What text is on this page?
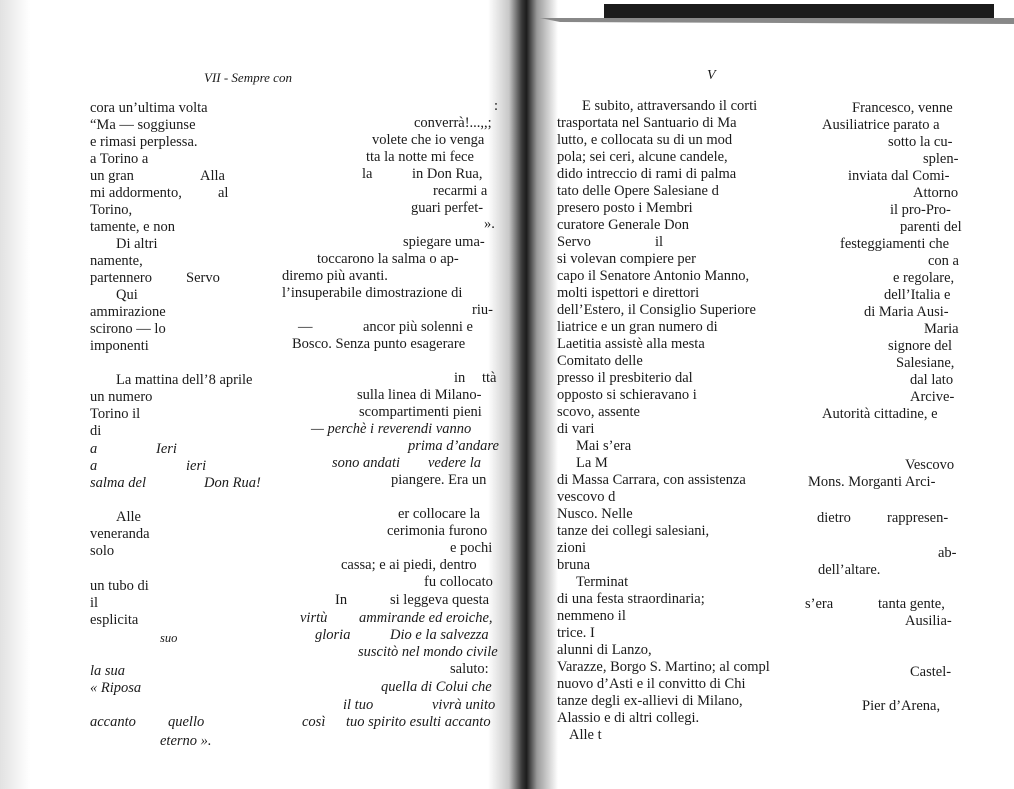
VII - Sempre con
cora un’ultima volta
“Ma — soggiunse
e rimasi perplessa.
a Torino a
un gran	Alla
mi addormento, al
Torino,
tamente, e non
Di altri
namente,
partennero Servo
Qui
ammirazione
scirono — lo
imponenti
La mattina dell’8 aprile
un numero
Torino il
di
a	Ieri
a	ieri
salma del	Don Rua!
Alle
veneranda
solo
un tubo di
il
esplicita
suo
la sua
« Riposa
accanto quello
eterno ».
:
converrà!...,,;
volete che io venga
tta la notte mi fece
la	in Don Rua,
recarmi a
guari perfet-
».
spiegare uma-
toccarono la salma o ap-
diremo più avanti.
l’insuperabile dimostrazione di
riu-
—	ancor più solenni e
Bosco. Senza punto esagerare
in ttà
sulla linea di Milano-
scompartimenti pieni
— perchè i reverendi vanno
prima d’andare
sono andati vedere la
piangere. Era un
er collocare la
cerimonia furono
e pochi
cassa; e ai piedi, dentro
fu collocato
In	si leggeva questa
virtù ammirande ed eroiche,
gloria	Dio e la salvezza
suscitò nel mondo civile
saluto:
quella di Colui che
il tuo	vivrà unito
così tuo spirito esulti accanto
V
E subito, attraversando il corti
trasportata nel Santuario di Ma
lutto, e collocata su di un mod
pola; sei ceri, alcune candele,
dido intreccio di rami di palma
tato delle Opere Salesiane d
presero posto i Membri
curatore Generale Don
Servo	il
si volevan compiere per
capo il Senatore Antonio Manno,
molti ispettori e direttori
dell’Estero, il Consiglio Superiore
liatrice e un gran numero di
Laetitia assistè alla mesta
Comitato delle
presso il presbiterio dal
opposto si schieravano i
scovo, assente
di vari
Mai s’era
La M
di Massa Carrara, con assistenza
vescovo d
Nusco. Nelle
tanze dei collegi salesiani,
zioni
bruna
Terminat
di una festa straordinaria;
nemmeno il
trice. I
alunni di Lanzo,
Varazze, Borgo S. Martino; al compl
nuovo d’Asti e il convitto di Chi
tanze degli ex-allievi di Milano,
Alassio e di altri collegi.
Alle t
Francesco, venne
Ausiliatrice parato a
sotto la cu-
splen-
inviata dal Comi-
Attorno
il pro-Pro-
parenti del
festeggiamenti che
con a
e regolare,
dell’Italia e
di Maria Ausi-
Maria
signore del
Salesiane,
dal lato
Arcive-
Autorità cittadine, e
Vescovo
Mons. Morganti Arci-
dietro rappresen-
ab-
dell’altare.
s’era	tanta gente,
Ausilia-
Castel-
Pier d’Arena,
